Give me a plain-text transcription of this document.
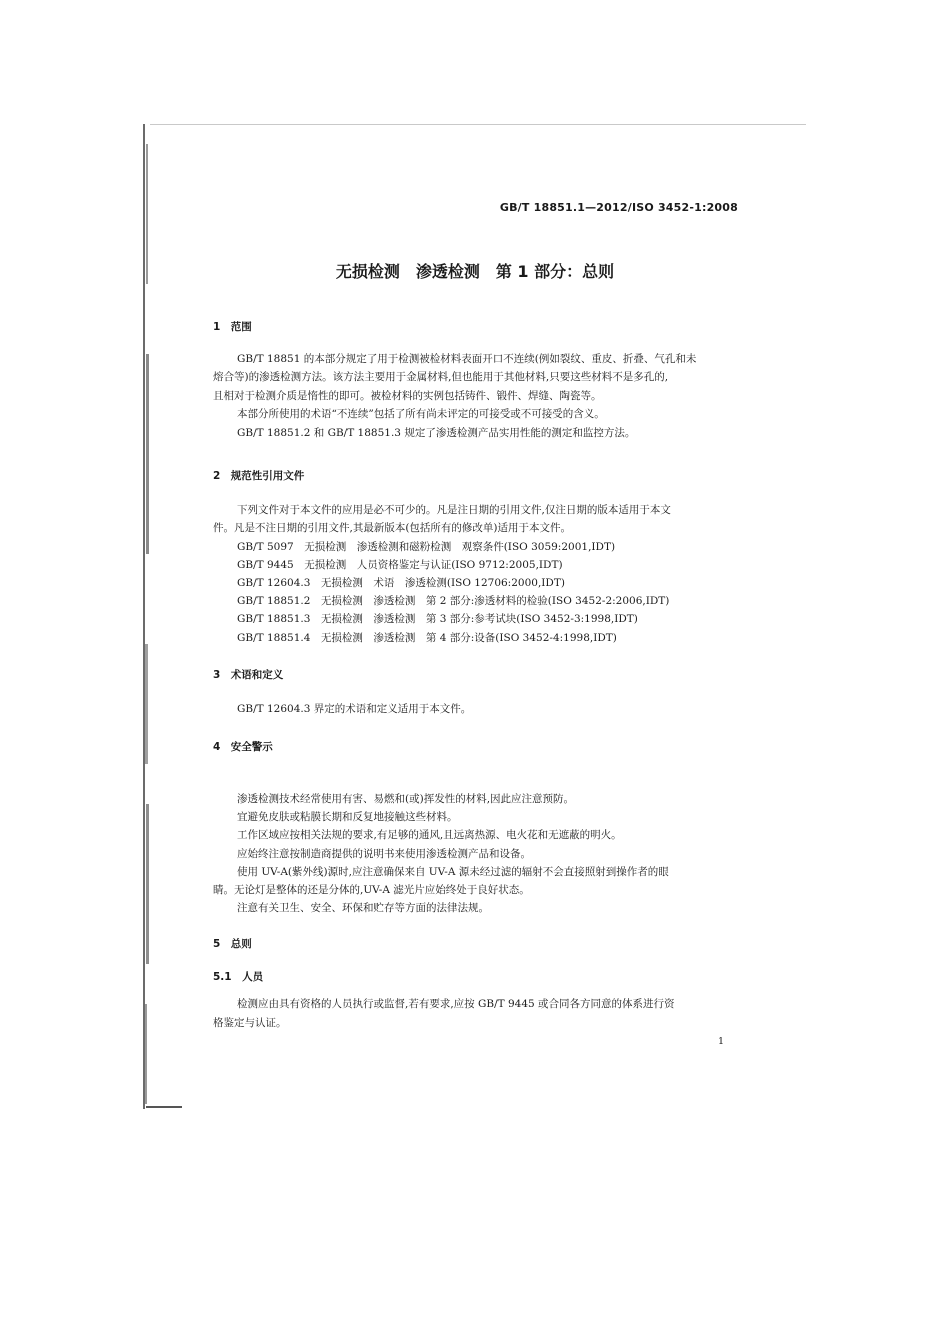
GB/T 18851.1—2012/ISO 3452-1:2008
无损检测　渗透检测　第 1 部分：总则
1　范围
GB/T 18851 的本部分规定了用于检测被检材料表面开口不连续(例如裂纹、重皮、折叠、气孔和未
熔合等)的渗透检测方法。该方法主要用于金属材料,但也能用于其他材料,只要这些材料不是多孔的,
且相对于检测介质是惰性的即可。被检材料的实例包括铸件、锻件、焊缝、陶瓷等。
本部分所使用的术语“不连续”包括了所有尚未评定的可接受或不可接受的含义。
GB/T 18851.2 和 GB/T 18851.3 规定了渗透检测产品实用性能的测定和监控方法。
2　规范性引用文件
下列文件对于本文件的应用是必不可少的。凡是注日期的引用文件,仅注日期的版本适用于本文
件。凡是不注日期的引用文件,其最新版本(包括所有的修改单)适用于本文件。
GB/T 5097　无损检测　渗透检测和磁粉检测　观察条件(ISO 3059:2001,IDT)
GB/T 9445　无损检测　人员资格鉴定与认证(ISO 9712:2005,IDT)
GB/T 12604.3　无损检测　术语　渗透检测(ISO 12706:2000,IDT)
GB/T 18851.2　无损检测　渗透检测　第 2 部分:渗透材料的检验(ISO 3452-2:2006,IDT)
GB/T 18851.3　无损检测　渗透检测　第 3 部分:参考试块(ISO 3452-3:1998,IDT)
GB/T 18851.4　无损检测　渗透检测　第 4 部分:设备(ISO 3452-4:1998,IDT)
3　术语和定义
GB/T 12604.3 界定的术语和定义适用于本文件。
4　安全警示
渗透检测技术经常使用有害、易燃和(或)挥发性的材料,因此应注意预防。
宜避免皮肤或粘膜长期和反复地接触这些材料。
工作区域应按相关法规的要求,有足够的通风,且远离热源、电火花和无遮蔽的明火。
应始终注意按制造商提供的说明书来使用渗透检测产品和设备。
使用 UV-A(紫外线)源时,应注意确保来自 UV-A 源未经过滤的辐射不会直接照射到操作者的眼
睛。无论灯是整体的还是分体的,UV-A 滤光片应始终处于良好状态。
注意有关卫生、安全、环保和贮存等方面的法律法规。
5　总则
5.1　人员
检测应由具有资格的人员执行或监督,若有要求,应按 GB/T 9445 或合同各方同意的体系进行资
格鉴定与认证。
1
